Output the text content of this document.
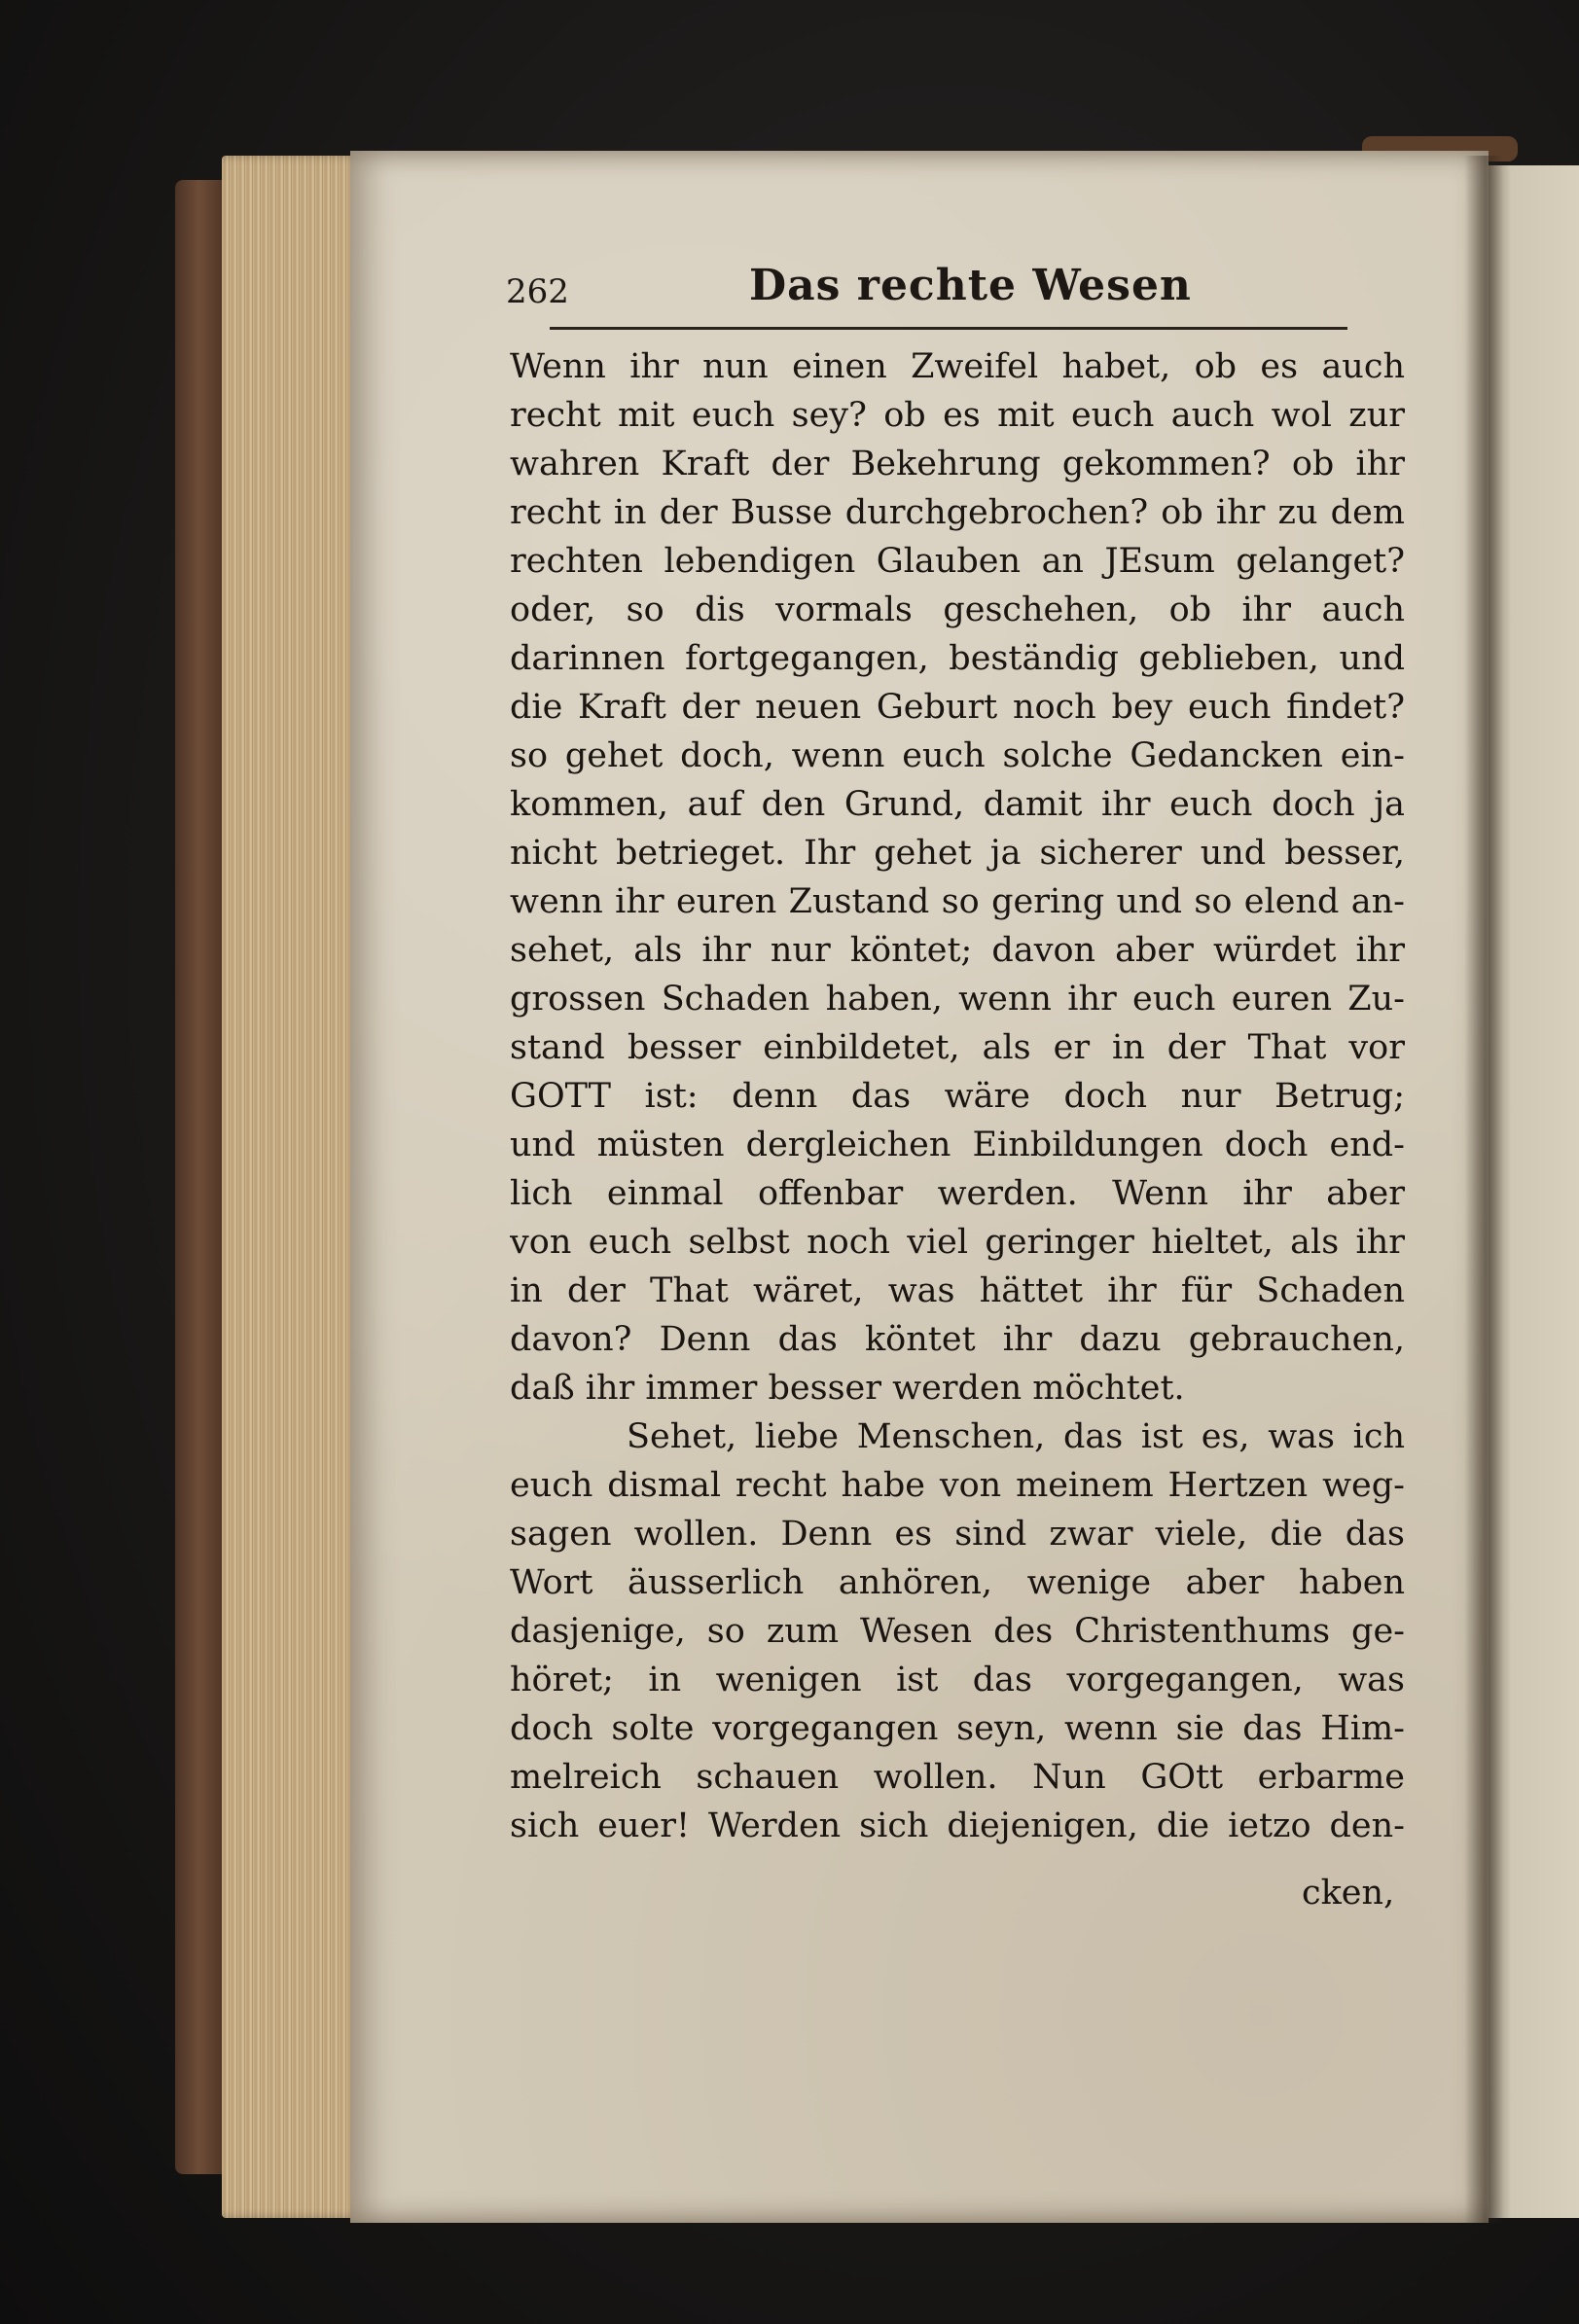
262	Das rechte Wesen

Wenn ihr nun einen Zweifel habet, ob es auch
recht mit euch sey? ob es mit euch auch wol zur
wahren Kraft der Bekehrung gekommen? ob ihr
recht in der Busse durchgebrochen? ob ihr zu dem
rechten lebendigen Glauben an JEsum gelanget?
oder, so dis vormals geschehen, ob ihr auch
darinnen fortgegangen, beständig geblieben, und
die Kraft der neuen Geburt noch bey euch findet?
so gehet doch, wenn euch solche Gedancken ein-
kommen, auf den Grund, damit ihr euch doch ja
nicht betrieget. Ihr gehet ja sicherer und besser,
wenn ihr euren Zustand so gering und so elend an-
sehet, als ihr nur köntet; davon aber würdet ihr
grossen Schaden haben, wenn ihr euch euren Zu-
stand besser einbildetet, als er in der That vor
GOTT ist: denn das wäre doch nur Betrug;
und müsten dergleichen Einbildungen doch end-
lich einmal offenbar werden. Wenn ihr aber
von euch selbst noch viel geringer hieltet, als ihr
in der That wäret, was hättet ihr für Schaden
davon? Denn das köntet ihr dazu gebrauchen,
daß ihr immer besser werden möchtet.

Sehet, liebe Menschen, das ist es, was ich
euch dismal recht habe von meinem Hertzen weg-
sagen wollen. Denn es sind zwar viele, die das
Wort äusserlich anhören, wenige aber haben
dasjenige, so zum Wesen des Christenthums ge-
höret; in wenigen ist das vorgegangen, was
doch solte vorgegangen seyn, wenn sie das Him-
melreich schauen wollen. Nun GOtt erbarme
sich euer! Werden sich diejenigen, die ietzo den-

cken,
